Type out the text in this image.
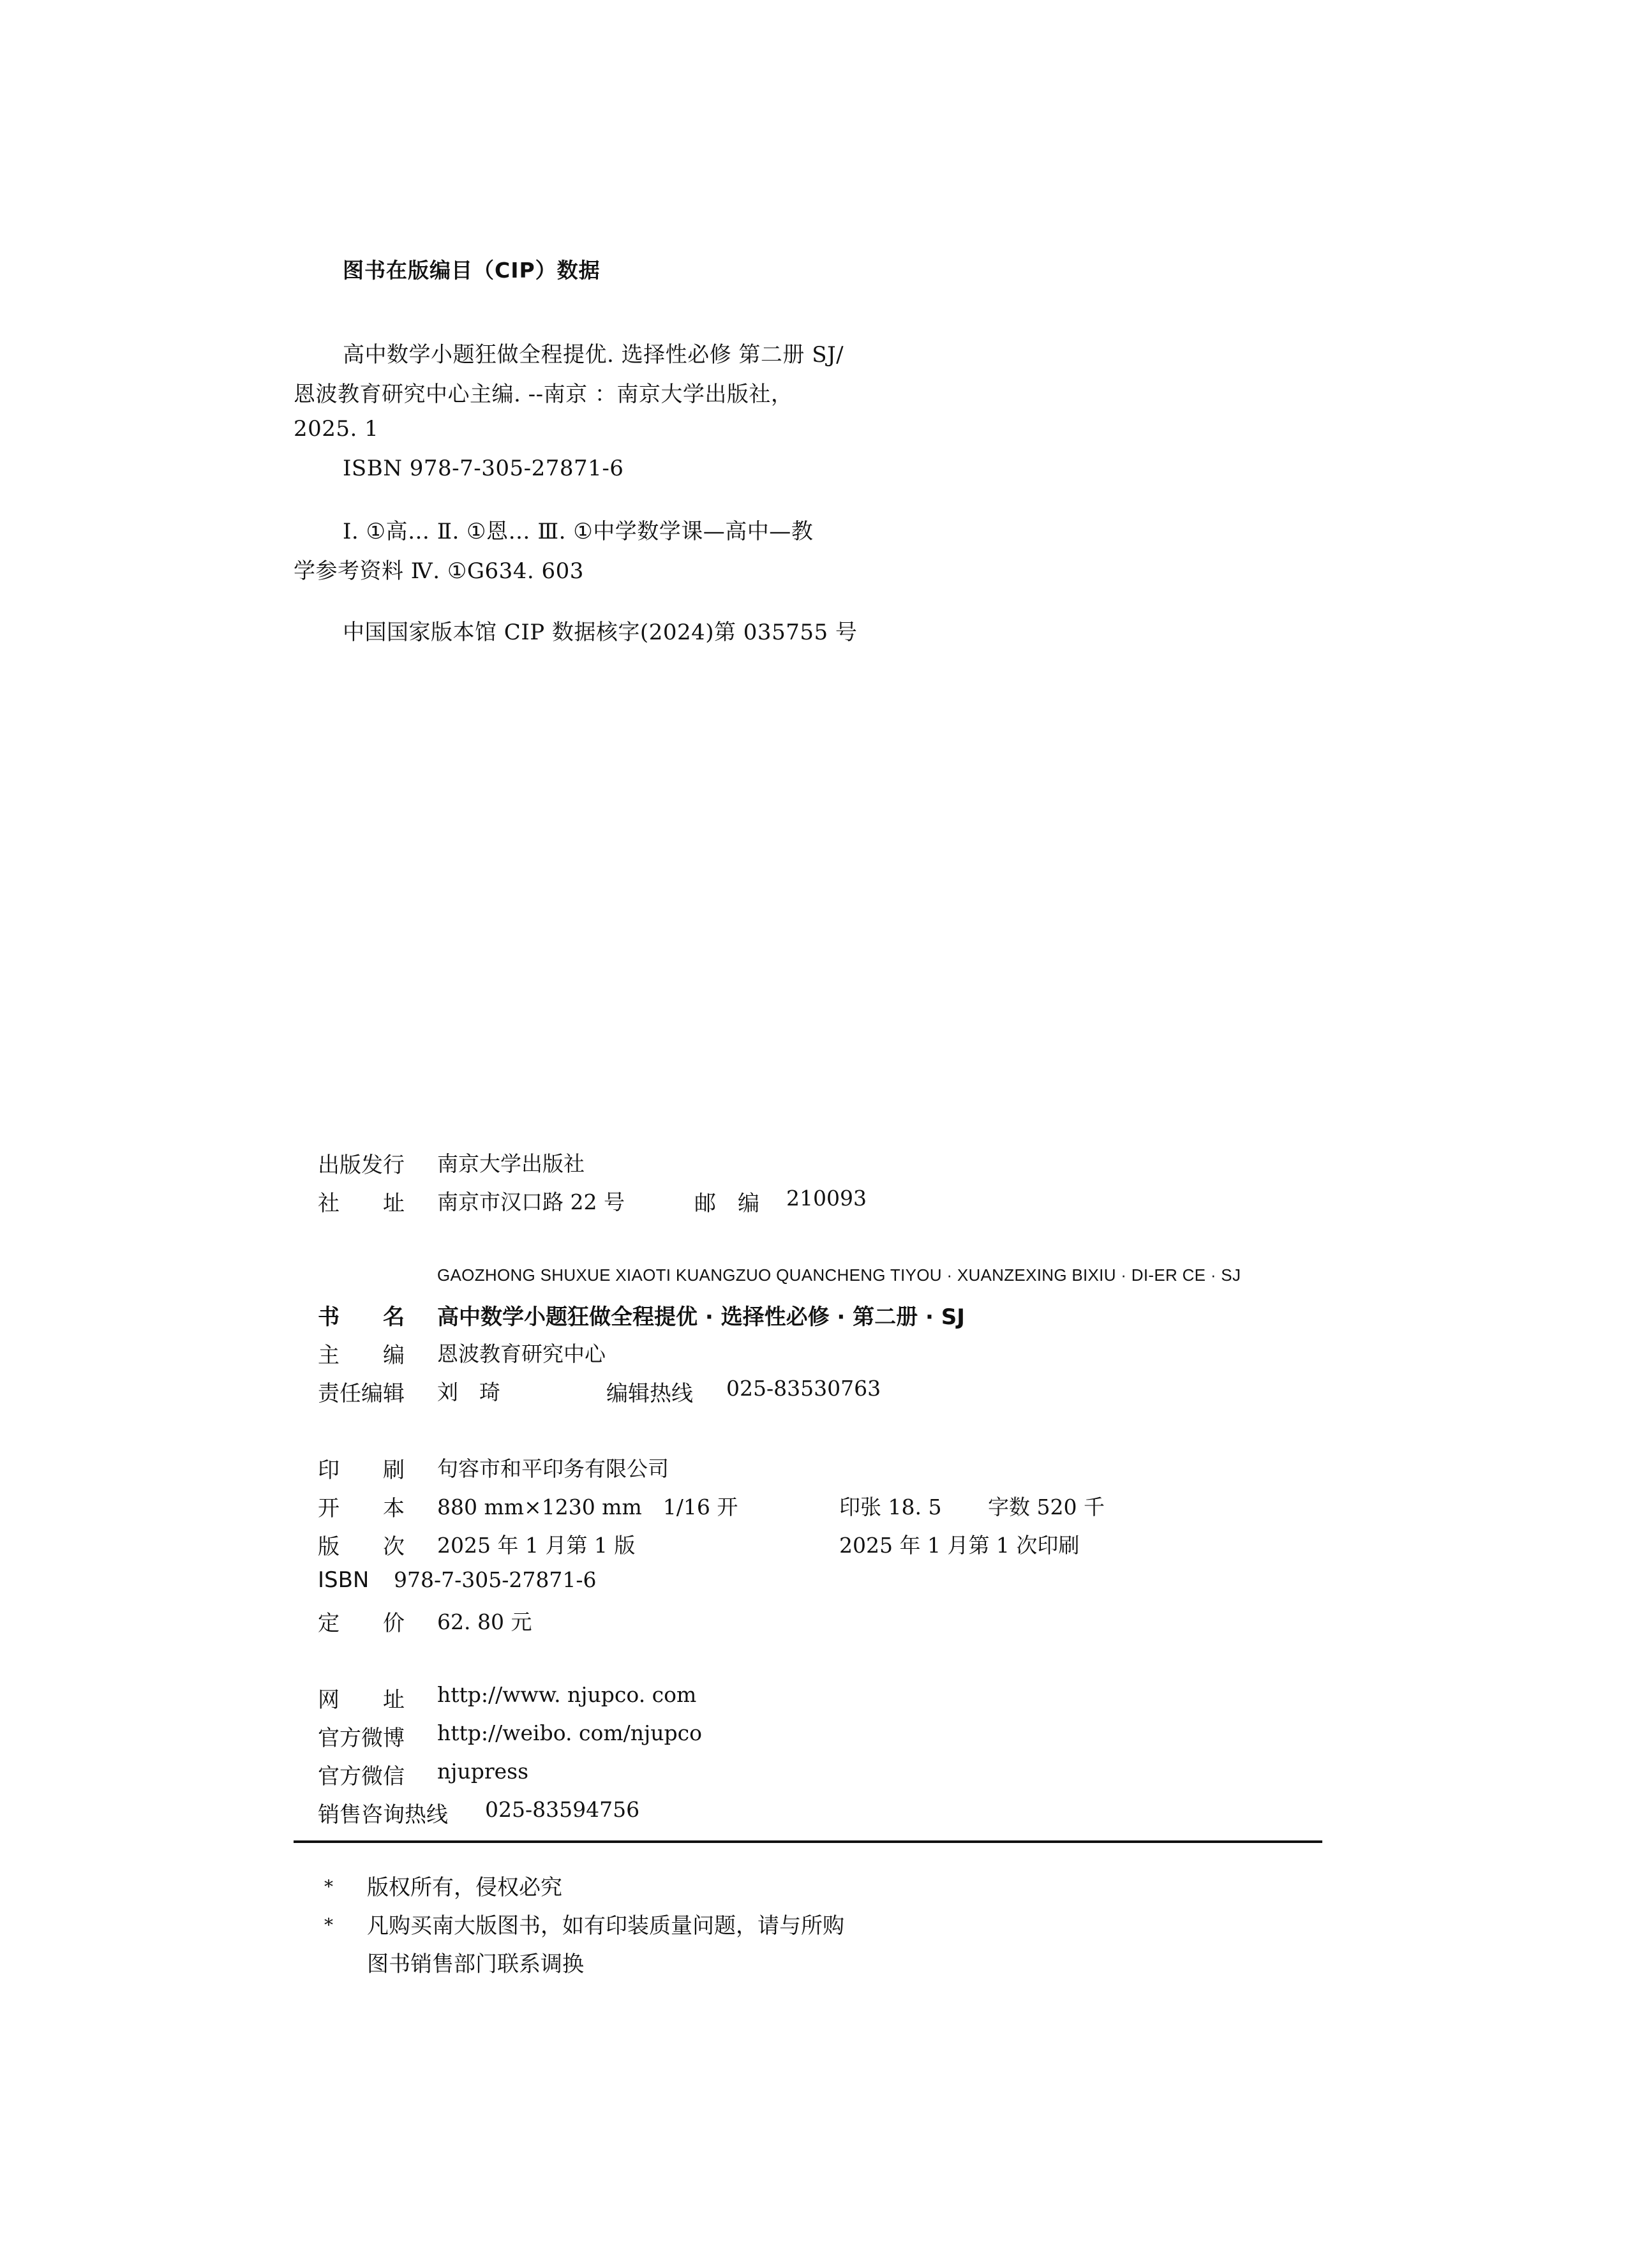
图书在版编目（CIP）数据
高中数学小题狂做全程提优. 选择性必修 第二册 SJ/
恩波教育研究中心主编. --南京 ：南京大学出版社，
2025. 1
ISBN 978-7-305-27871-6
Ⅰ. ①高… Ⅱ. ①恩… Ⅲ. ①中学数学课—高中—教
学参考资料 Ⅳ. ①G634. 603
中国国家版本馆 CIP 数据核字(2024)第 035755 号
出版发行 南京大学出版社
社　　址 南京市汉口路 22 号	邮　编 210093
GAOZHONG SHUXUE XIAOTI KUANGZUO QUANCHENG TIYOU · XUANZEXING BIXIU · DI-ER CE · SJ
书　　名 高中数学小题狂做全程提优 · 选择性必修 · 第二册 · SJ
主　　编 恩波教育研究中心
责任编辑 刘　琦	编辑热线 025-83530763
印　　刷 句容市和平印务有限公司
开　　本 880 mm×1230 mm　1/16 开	印张 18. 5 字数 520 千
版　　次 2025 年 1 月第 1 版	2025 年 1 月第 1 次印刷
ISBN 978-7-305-27871-6
定　　价 62. 80 元
网　　址 http://www. njupco. com
官方微博 http://weibo. com/njupco
官方微信 njupress
销售咨询热线 025-83594756
* 版权所有，侵权必究
* 凡购买南大版图书，如有印装质量问题，请与所购
图书销售部门联系调换
